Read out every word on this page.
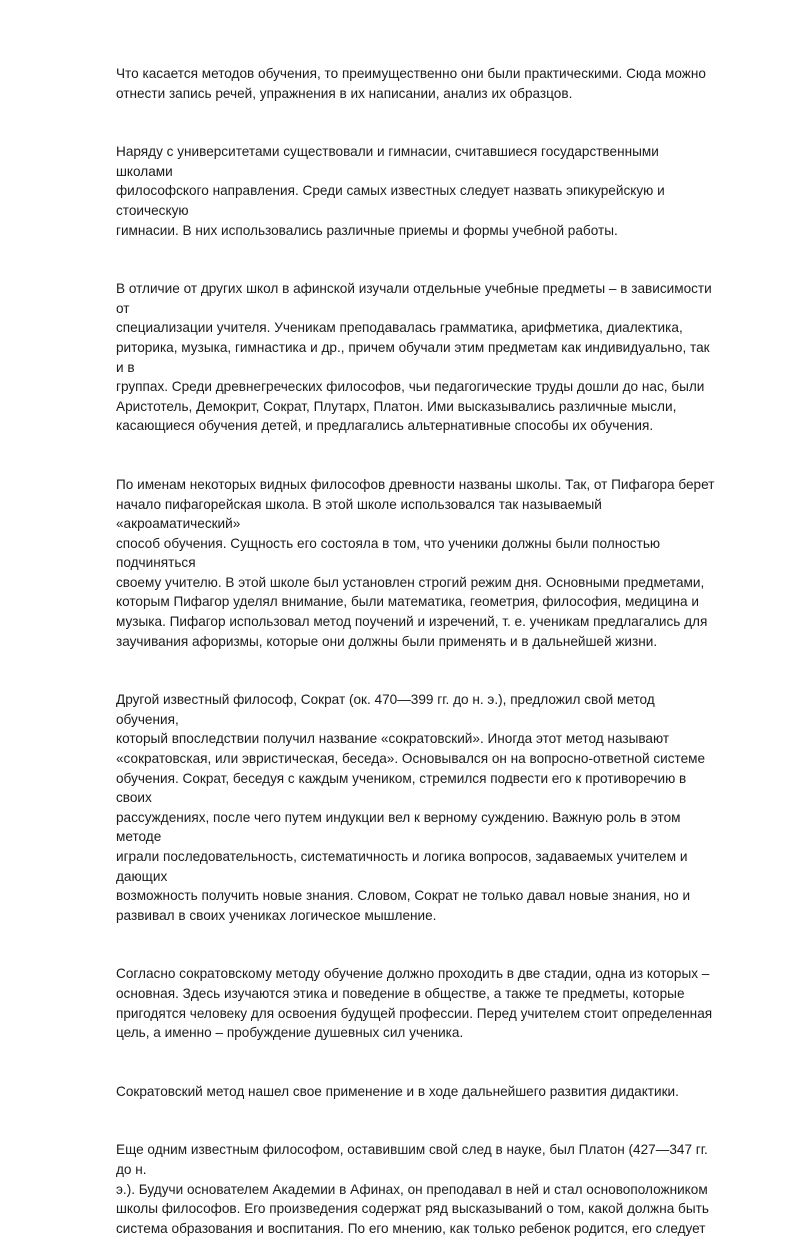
Что касается методов обучения, то преимущественно они были практическими. Сюда можно
отнести запись речей, упражнения в их написании, анализ их образцов.

Наряду с университетами существовали и гимнасии, считавшиеся государственными школами
философского направления. Среди самых известных следует назвать эпикурейскую и стоическую
гимнасии. В них использовались различные приемы и формы учебной работы.

В отличие от других школ в афинской изучали отдельные учебные предметы – в зависимости от
специализации учителя. Ученикам преподавалась грамматика, арифметика, диалектика,
риторика, музыка, гимнастика и др., причем обучали этим предметам как индивидуально, так и в
группах. Среди древнегреческих философов, чьи педагогические труды дошли до нас, были
Аристотель, Демокрит, Сократ, Плутарх, Платон. Ими высказывались различные мысли,
касающиеся обучения детей, и предлагались альтернативные способы их обучения.

По именам некоторых видных философов древности названы школы. Так, от Пифагора берет
начало пифагорейская школа. В этой школе использовался так называемый «акроаматический»
способ обучения. Сущность его состояла в том, что ученики должны были полностью подчиняться
своему учителю. В этой школе был установлен строгий режим дня. Основными предметами,
которым Пифагор уделял внимание, были математика, геометрия, философия, медицина и
музыка. Пифагор использовал метод поучений и изречений, т. е. ученикам предлагались для
заучивания афоризмы, которые они должны были применять и в дальнейшей жизни.

Другой известный философ, Сократ (ок. 470—399 гг. до н. э.), предложил свой метод обучения,
который впоследствии получил название «сократовский». Иногда этот метод называют
«сократовская, или эвристическая, беседа». Основывался он на вопросно-ответной системе
обучения. Сократ, беседуя с каждым учеником, стремился подвести его к противоречию в своих
рассуждениях, после чего путем индукции вел к верному суждению. Важную роль в этом методе
играли последовательность, систематичность и логика вопросов, задаваемых учителем и дающих
возможность получить новые знания. Словом, Сократ не только давал новые знания, но и
развивал в своих учениках логическое мышление.

Согласно сократовскому методу обучение должно проходить в две стадии, одна из которых –
основная. Здесь изучаются этика и поведение в обществе, а также те предметы, которые
пригодятся человеку для освоения будущей профессии. Перед учителем стоит определенная
цель, а именно – пробуждение душевных сил ученика.

Сократовский метод нашел свое применение и в ходе дальнейшего развития дидактики.

Еще одним известным философом, оставившим свой след в науке, был Платон (427—347 гг. до н.
э.). Будучи основателем Академии в Афинах, он преподавал в ней и стал основоположником
школы философов. Его произведения содержат ряд высказываний о том, какой должна быть
система образования и воспитания. По его мнению, как только ребенок родится, его следует
